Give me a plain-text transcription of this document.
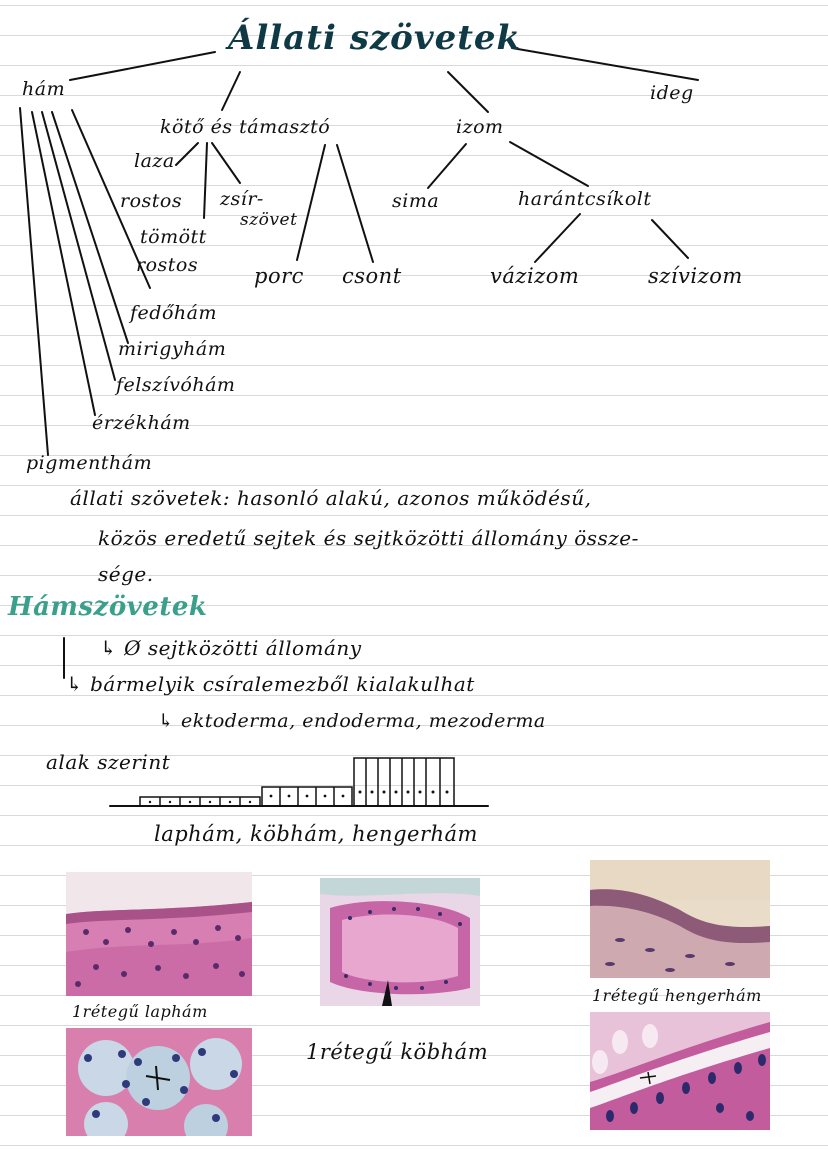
Állati szövetek
hám
kötő és támasztó	izom
ideg
laza
rostos zsír-
szövet
tömött
rostos	porc csont
sima	harántcsíkolt
vázizom	szívizom
fedőhám
mirigyhám
felszívóhám
érzékhám
pigmenthám
állati szövetek: hasonló alakú, azonos működésű,
közös eredetű sejtek és sejtközötti állomány össze-
sége.
Hámszövetek
↳ Ø sejtközötti állomány
↳ bármelyik csíralemezből kialakulhat
↳ ektoderma, endoderma, mezoderma
alak szerint
laphám, köbhám, hengerhám
1rétegű laphám
1rétegű köbhám
1rétegű hengerhám
